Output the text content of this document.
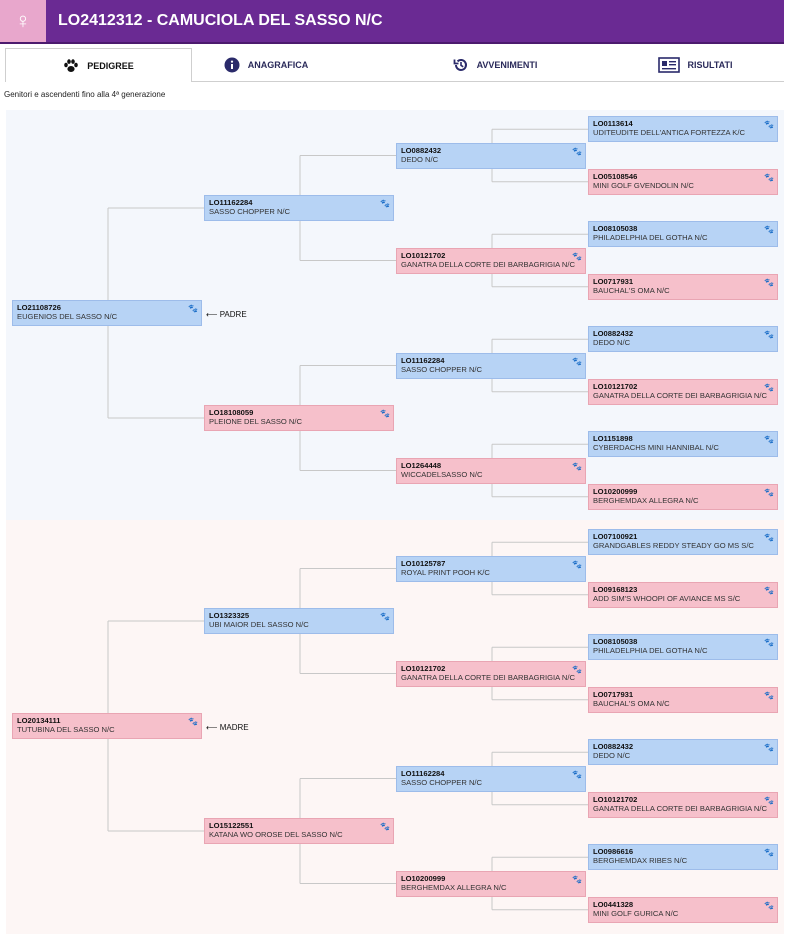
♀	LO2412312 - CAMUCIOLA DEL SASSO N/C
PEDIGREE	ANAGRAFICA	AVVENIMENTI	RISULTATI
Genitori e ascendenti fino alla 4ª generazione
LO21108726
EUGENIOS DEL SASSO N/C
🐾
LO11162284
SASSO CHOPPER N/C
🐾
LO0882432
DEDO N/C
🐾
LO0113614
UDITEUDITE DELL'ANTICA FORTEZZA K/C
🐾
LO05108546
MINI GOLF GVENDOLIN N/C
🐾
LO10121702
GANATRA DELLA CORTE DEI BARBAGRIGIA N/C
🐾
LO08105038
PHILADELPHIA DEL GOTHA N/C
🐾
LO0717931
BAUCHAL'S OMA N/C
🐾
LO18108059
PLEIONE DEL SASSO N/C
🐾
LO11162284
SASSO CHOPPER N/C
🐾
LO0882432
DEDO N/C
🐾
LO10121702
GANATRA DELLA CORTE DEI BARBAGRIGIA N/C
🐾
LO1264448
WICCADELSASSO N/C
🐾
LO1151898
CYBERDACHS MINI HANNIBAL N/C
🐾
LO10200999
BERGHEMDAX ALLEGRA N/C
🐾
LO20134111
TUTUBINA DEL SASSO N/C
🐾
LO1323325
UBI MAIOR DEL SASSO N/C
🐾
LO10125787
ROYAL PRINT POOH K/C
🐾
LO07100921
GRANDGABLES REDDY STEADY GO MS S/C
🐾
LO09168123
ADD SIM'S WHOOPI OF AVIANCE MS S/C
🐾
LO10121702
GANATRA DELLA CORTE DEI BARBAGRIGIA N/C
🐾
LO08105038
PHILADELPHIA DEL GOTHA N/C
🐾
LO0717931
BAUCHAL'S OMA N/C
🐾
LO15122551
KATANA WO OROSE DEL SASSO N/C
🐾
LO11162284
SASSO CHOPPER N/C
🐾
LO0882432
DEDO N/C
🐾
LO10121702
GANATRA DELLA CORTE DEI BARBAGRIGIA N/C
🐾
LO10200999
BERGHEMDAX ALLEGRA N/C
🐾
LO0986616
BERGHEMDAX RIBES N/C
🐾
LO0441328
MINI GOLF GURICA N/C
🐾
⟵ PADRE
⟵ MADRE
